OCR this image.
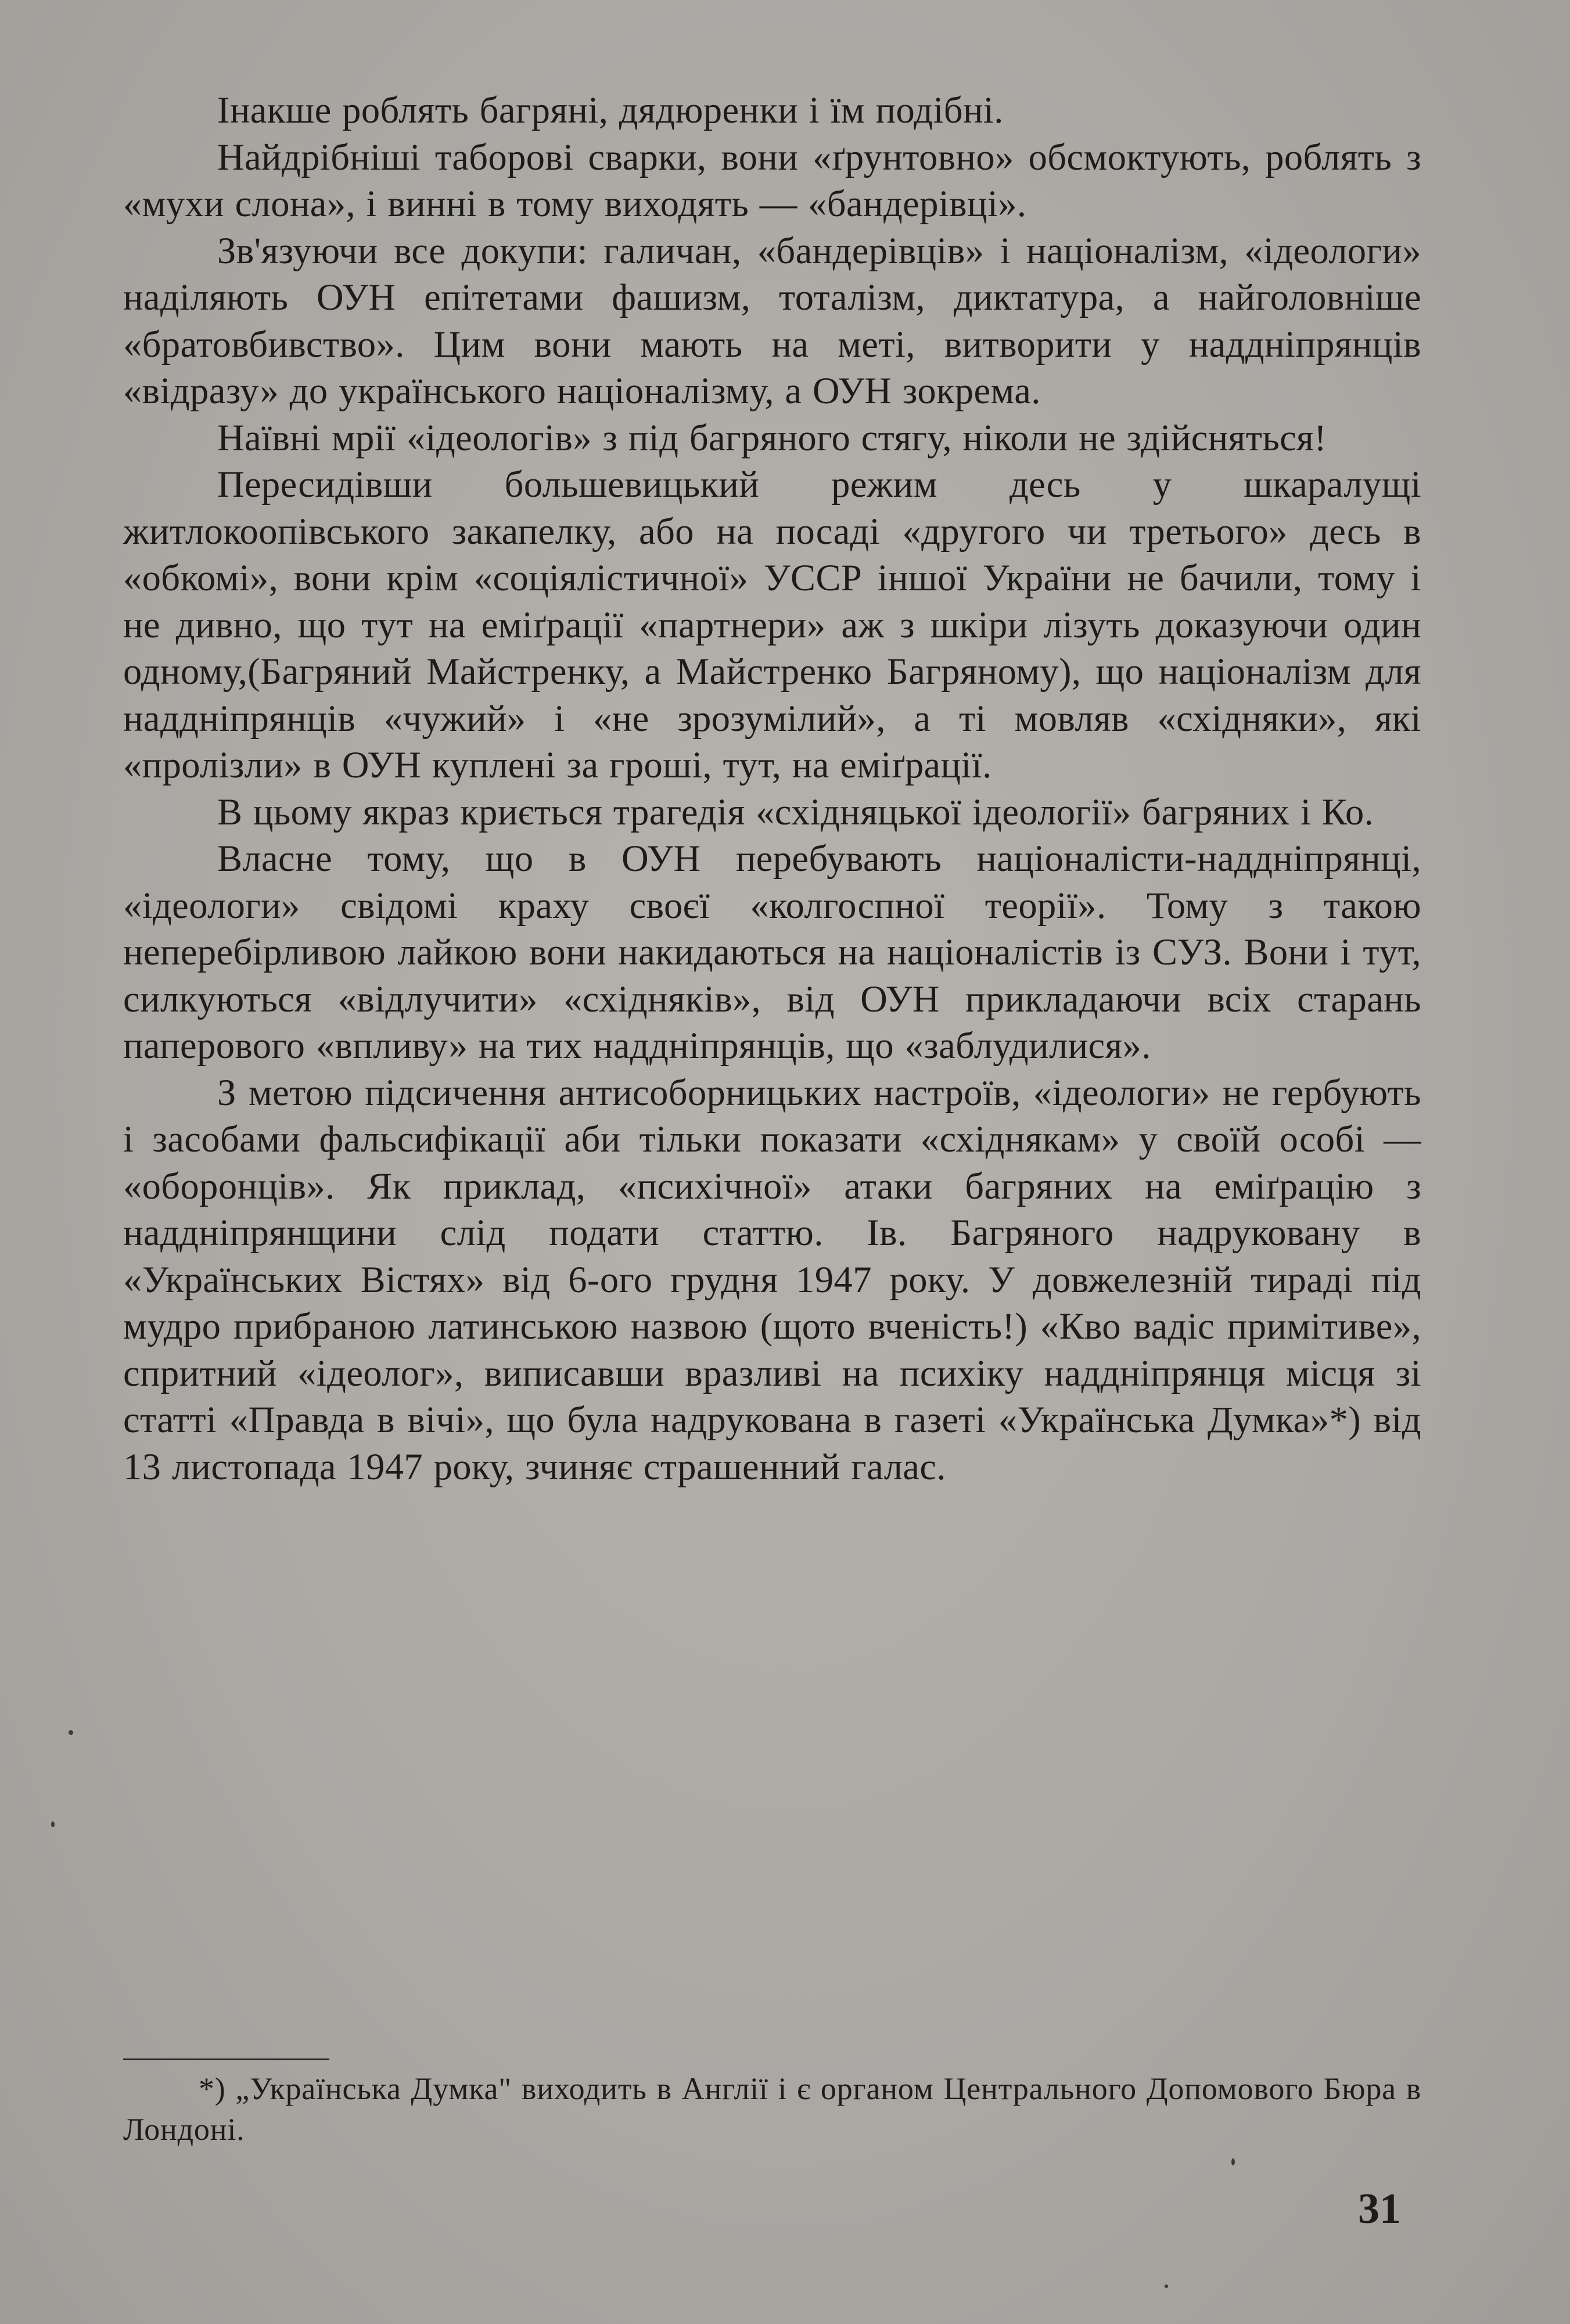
Інакше роблять багряні, дядюренки і їм подібні.

Найдрібніші таборові сварки, вони «ґрунтовно» обсмоктують, роблять з «мухи слона», і винні в тому виходять — «бандерівці».

Зв'язуючи все докупи: галичан, «бандерівців» і націоналізм, «ідеологи» наділяють ОУН епітетами фашизм, тоталізм, диктатура, а найголовніше «братовбивство». Цим вони мають на меті, витворити у наддніпрянців «відразу» до українського націоналізму, а ОУН зокрема.

Наївні мрії «ідеологів» з під багряного стягу, ніколи не здійсняться!

Пересидівши большевицький режим десь у шкаралущі житлокоопівського закапелку, або на посаді «другого чи третього» десь в «обкомі», вони крім «соціялістичної» УССР іншої України не бачили, тому і не дивно, що тут на еміґрації «партнери» аж з шкіри лізуть доказуючи один одному,(Багряний Майстренку, а Майстренко Багряному), що націоналізм для наддніпрянців «чужий» і «не зрозумілий», а ті мовляв «східняки», які «пролізли» в ОУН куплені за гроші, тут, на еміґрації.

В цьому якраз криється трагедія «східняцької ідеології» багряних і Ко.

Власне тому, що в ОУН перебувають націоналісти-наддніпрянці, «ідеологи» свідомі краху своєї «колгоспної теорії». Тому з такою неперебірливою лайкою вони накидаються на націоналістів із СУЗ. Вони і тут, силкуються «відлучити» «східняків», від ОУН прикладаючи всіх старань паперового «впливу» на тих наддніпрянців, що «заблудилися».

З метою підсичення антисоборницьких настроїв, «ідеологи» не гербують і засобами фальсифікації аби тільки показати «східнякам» у своїй особі — «оборонців». Як приклад, «психічної» атаки багряних на еміґрацію з наддніпрянщини слід подати статтю. Ів. Багряного надруковану в «Українських Вістях» від 6-ого грудня 1947 року. У довжелезній тираді під мудро прибраною латинською назвою (щото вченість!) «Кво вадіс примітиве», спритний «ідеолог», виписавши вразливі на психіку наддніпрянця місця зі статті «Правда в вічі», що була надрукована в газеті «Українська Думка»*) від 13 листопада 1947 року, зчиняє страшенний галас.

*) „Українська Думка" виходить в Англії і є органом Центрального Допомового Бюра в Лондоні.

31
